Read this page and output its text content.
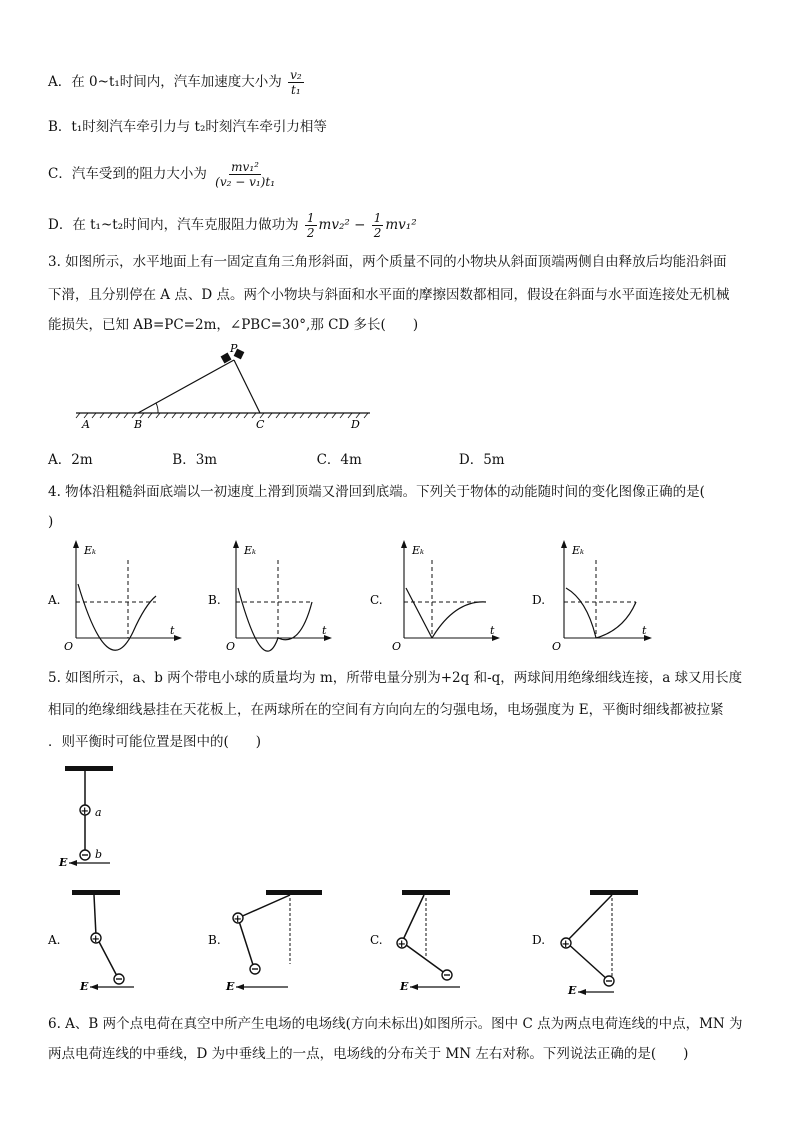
A．在 0~t₁时间内，汽车加速度大小为 $\frac{\text{v₂}}{\text{t₁}}$
B．t₁时刻汽车牵引力与 t₂时刻汽车牵引力相等
C．汽车受到的阻力大小为 $\frac{\text{mv₁²}}{\text{(v₂ − v₁)t₁}}$
D．在 t₁~t₂时间内，汽车克服阻力做功为 $\frac{1}{2} mv_2^2 - \frac{1}{2} mv_1^2$
3. 如图所示，水平地面上有一固定直角三角形斜面，两个质量不同的小物块从斜面顶端两侧自由释放后均能沿斜面
下滑，且分别停在 A 点、D 点。两个小物块与斜面和水平面的摩擦因数都相同，假设在斜面与水平面连接处无机械
能损失，已知 AB=PC=2m，∠PBC=30°,那 CD 多长(　　)
P
A	B	C	D
A．2m	B．3m	C．4m	D．5m
4. 物体沿粗糙斜面底端以一初速度上滑到顶端又滑回到底端。下列关于物体的动能随时间的变化图像正确的是(
)
A.
Eₖ
t
O
B.
Eₖ
t
O
C.
Eₖ
t
O
D.
Eₖ
t
O
5. 如图所示，a、b 两个带电小球的质量均为 m，所带电量分别为+2q 和-q，两球间用绝缘细线连接，a 球又用长度
相同的绝缘细线悬挂在天花板上，在两球所在的空间有方向向左的匀强电场，电场强度为 E，平衡时细线都被拉紧
．则平衡时可能位置是图中的(　　)
+ a
b
E
A.	+
E
B.
+
E
C. +
E
D. +
E
6. A、B 两个点电荷在真空中所产生电场的电场线(方向未标出)如图所示。图中 C 点为两点电荷连线的中点，MN 为
两点电荷连线的中垂线，D 为中垂线上的一点，电场线的分布关于 MN 左右对称。下列说法正确的是(　　)
